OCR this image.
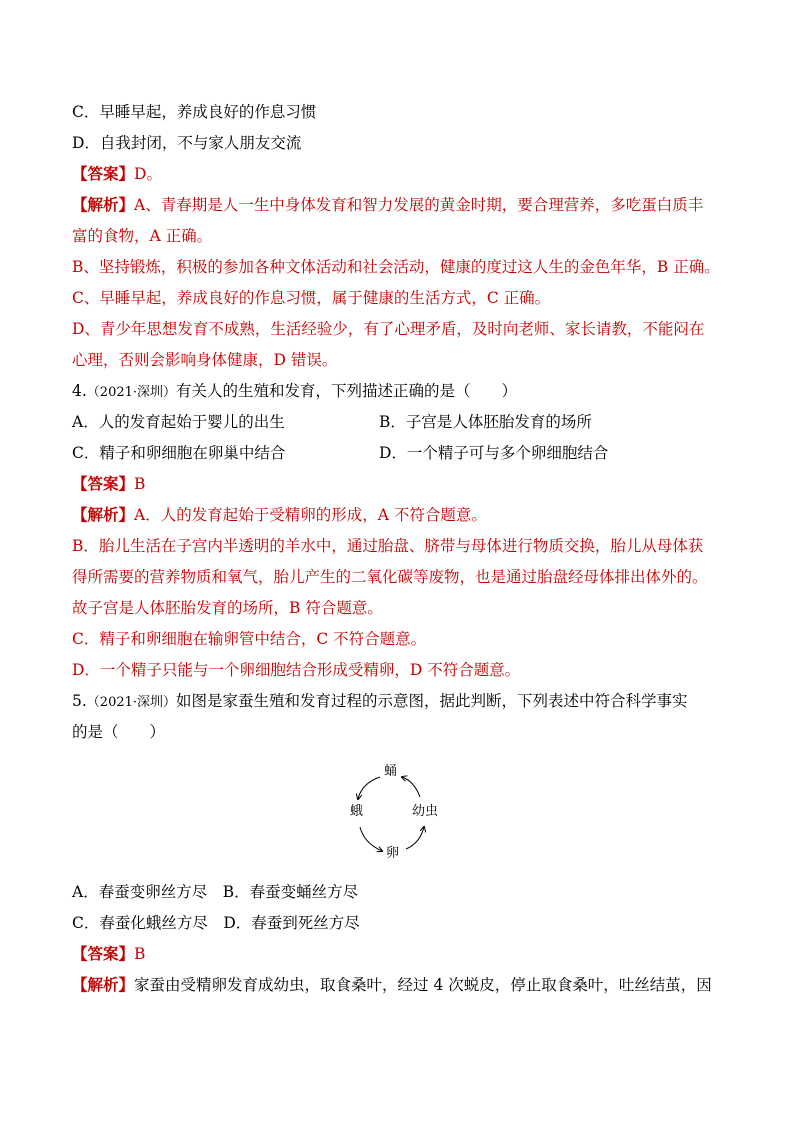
C．早睡早起，养成良好的作息习惯
D．自我封闭，不与家人朋友交流
【答案】D。
【解析】A、青春期是人一生中身体发育和智力发展的黄金时期，要合理营养，多吃蛋白质丰
富的食物，A 正确。
B、坚持锻炼，积极的参加各种文体活动和社会活动，健康的度过这人生的金色年华，B 正确。
C、早睡早起，养成良好的作息习惯，属于健康的生活方式，C 正确。
D、青少年思想发育不成熟，生活经验少，有了心理矛盾，及时向老师、家长请教，不能闷在
心理，否则会影响身体健康，D 错误。
4.（2021·深圳）有关人的生殖和发育，下列描述正确的是（　　）
A．人的发育起始于婴儿的出生	B．子宫是人体胚胎发育的场所
C．精子和卵细胞在卵巢中结合	D．一个精子可与多个卵细胞结合
【答案】B
【解析】A．人的发育起始于受精卵的形成，A 不符合题意。
B．胎儿生活在子宫内半透明的羊水中，通过胎盘、脐带与母体进行物质交换，胎儿从母体获
得所需要的营养物质和氧气，胎儿产生的二氧化碳等废物，也是通过胎盘经母体排出体外的。
故子宫是人体胚胎发育的场所，B 符合题意。
C．精子和卵细胞在输卵管中结合，C 不符合题意。
D．一个精子只能与一个卵细胞结合形成受精卵，D 不符合题意。
5.（2021·深圳）如图是家蚕生殖和发育过程的示意图，据此判断，下列表述中符合科学事实
的是（　　）
蛹
蛾	幼虫
卵
A．春蚕变卵丝方尽　B．春蚕变蛹丝方尽
C．春蚕化蛾丝方尽　D．春蚕到死丝方尽
【答案】B
【解析】家蚕由受精卵发育成幼虫，取食桑叶，经过 4 次蜕皮，停止取食桑叶，吐丝结茧，因
